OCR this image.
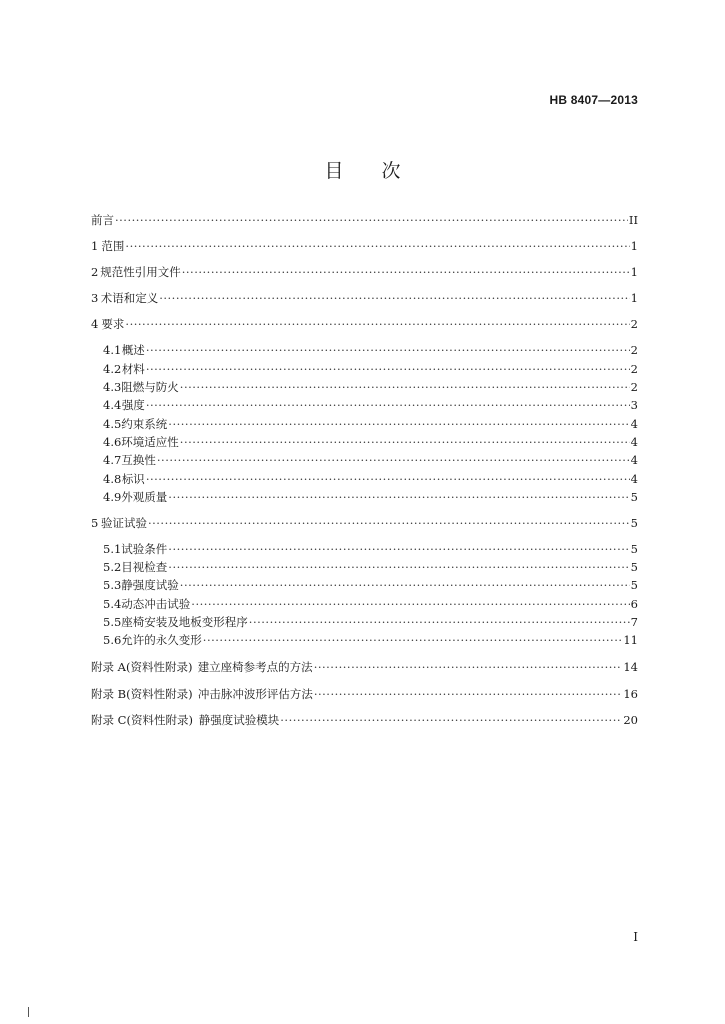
HB 8407—2013
目次
前言 ·····	II
1 范围 ·····	1
2 规范性引用文件 ·····	1
3 术语和定义 ·····	1
4 要求 ·····	2
4.1 概述 ·····	2
4.2 材料 ·····	2
4.3 阻燃与防火 ·····	2
4.4 强度 ·····	3
4.5 约束系统 ·····	4
4.6 环境适应性 ·····	4
4.7 互换性 ·····	4
4.8 标识 ·····	4
4.9 外观质量 ·····	5
5 验证试验 ·····	5
5.1 试验条件 ·····	5
5.2 目视检查 ·····	5
5.3 静强度试验 ·····	5
5.4 动态冲击试验 ·····	6
5.5 座椅安装及地板变形程序 ·····	7
5.6 允许的永久变形 ·····	11
附录 A(资料性附录) 建立座椅参考点的方法 ·····	14
附录 B(资料性附录) 冲击脉冲波形评估方法 ·····	16
附录 C(资料性附录) 静强度试验模块 ·····	20
I
